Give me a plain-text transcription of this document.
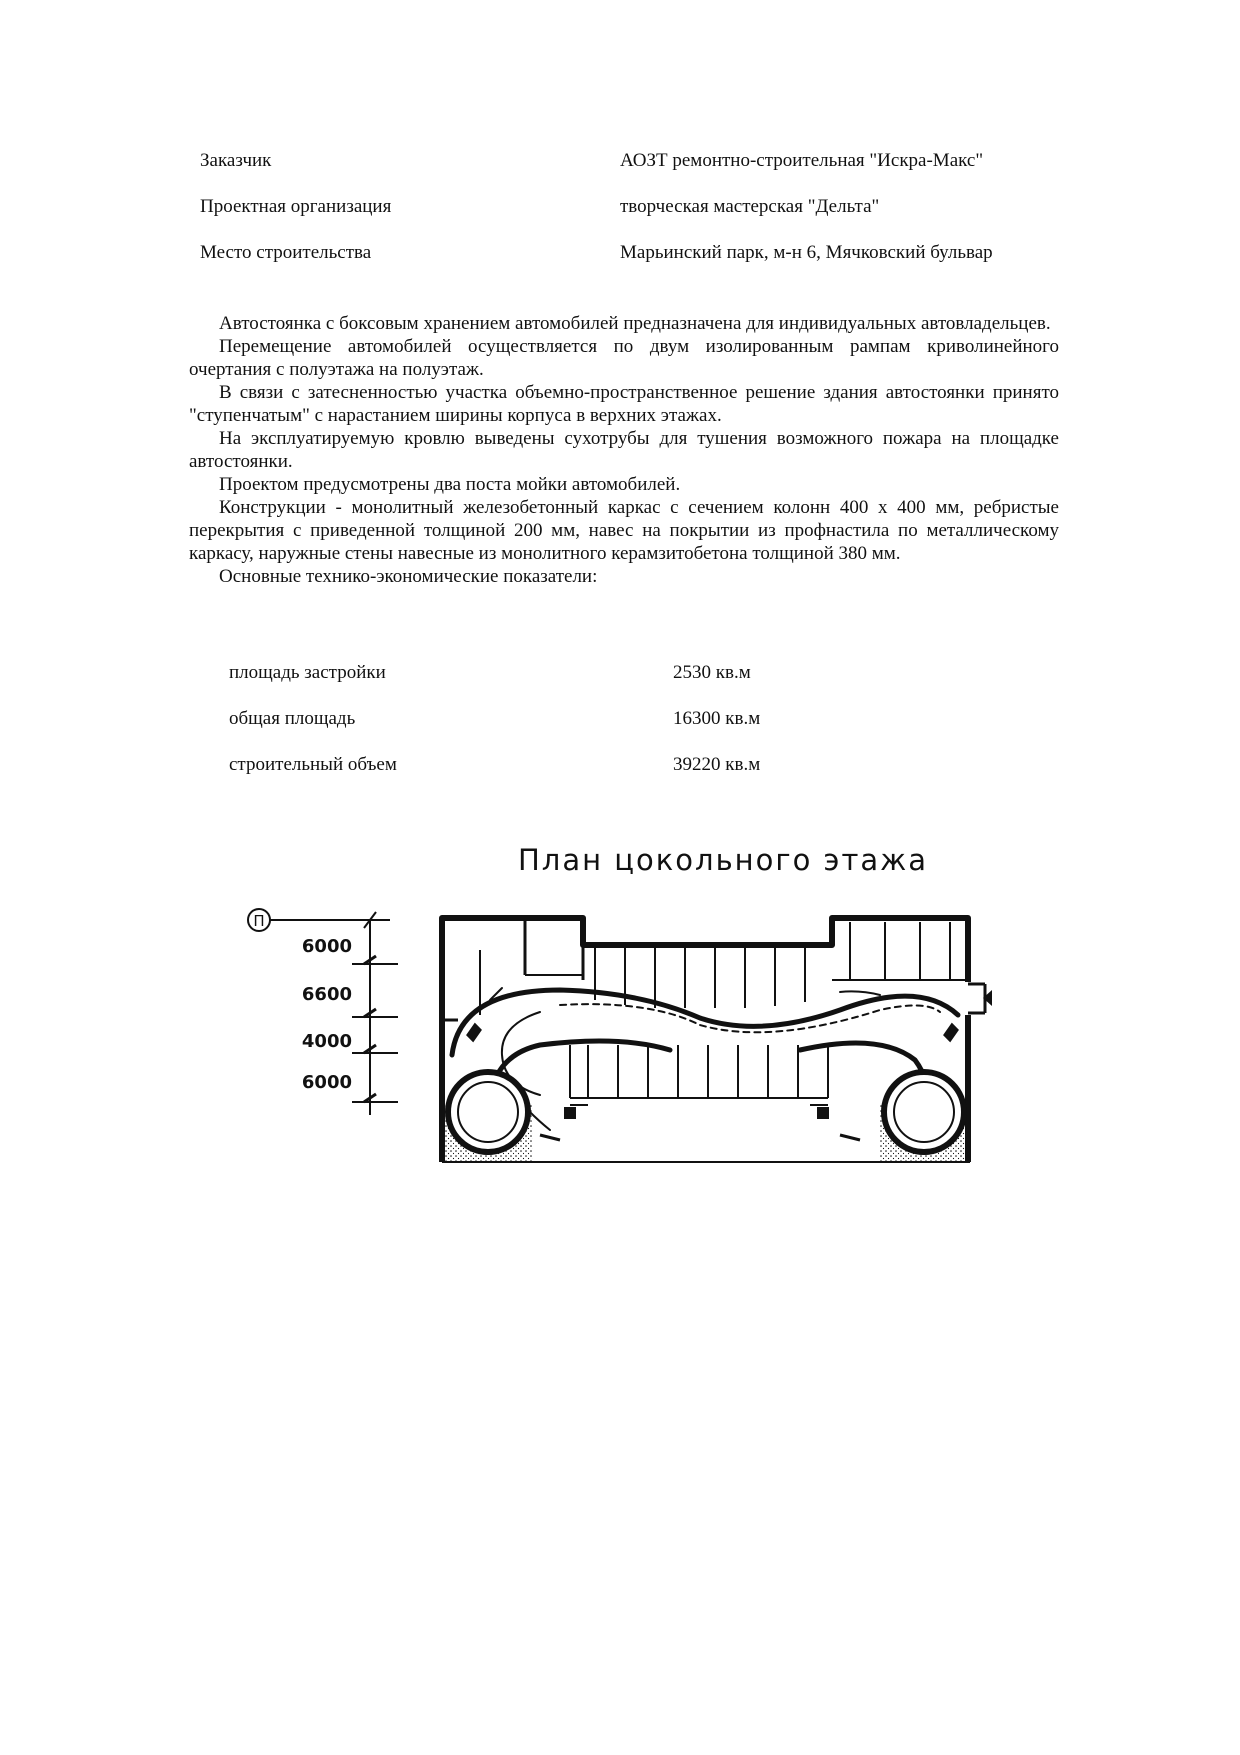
Заказчик	АОЗТ ремонтно-строительная "Искра-Макс"
Проектная организация	творческая мастерская "Дельта"
Место строительства	Марьинский парк, м-н 6, Мячковский бульвар

Автостоянка с боксовым хранением автомобилей предназначена для индивидуальных автовладельцев.

Перемещение автомобилей осуществляется по двум изолированным рампам криволинейного очертания с полуэтажа на полуэтаж.

В связи с затесненностью участка объемно-пространственное решение здания автостоянки принято "ступенчатым" с нарастанием ширины корпуса в верхних этажах.

На эксплуатируемую кровлю выведены сухотрубы для тушения возможного пожара на площадке автостоянки.

Проектом предусмотрены два поста мойки автомобилей.

Конструкции - монолитный железобетонный каркас с сечением колонн 400 x 400 мм, ребристые перекрытия с приведенной толщиной 200 мм, навес на покрытии из профнастила по металлическому каркасу, наружные стены навесные из монолитного керамзитобетона толщиной 380 мм.

Основные технико-экономические показатели:

площадь застройки	2530 кв.м
общая площадь	16300 кв.м
строительный объем	39220 кв.м
План цокольного этажа
П
6000
6600
4000
6000
